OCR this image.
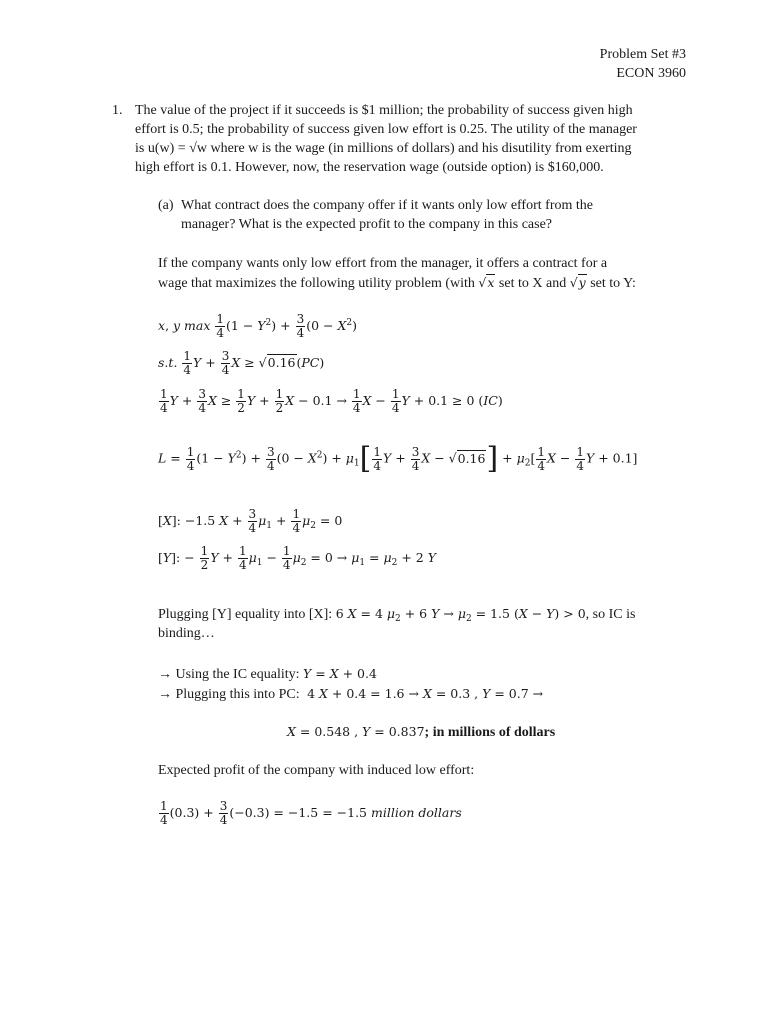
Problem Set #3
ECON 3960
1. The value of the project if it succeeds is $1 million; the probability of success given high
effort is 0.5; the probability of success given low effort is 0.25. The utility of the manager
is u(w) = √w where w is the wage (in millions of dollars) and his disutility from exerting
high effort is 0.1. However, now, the reservation wage (outside option) is $160,000.
(a) What contract does the company offer if it wants only low effort from the
manager? What is the expected profit to the company in this case?
If the company wants only low effort from the manager, it offers a contract for a
wage that maximizes the following utility problem (with √x set to X and √y set to Y:
x, y $\max \frac{1}{4} (1 - Y^2) + \frac{3}{4} (0 - X^2)$
s.t. $\frac{1}{4}$ $Y + \frac{3}{4}$ X ≥ √0.16(PC)
$\frac{1}{4}$ $Y + \frac{3}{4}$ $X \ge \frac{1}{2}$ $Y + \frac{1}{2}$ $X - 0.1 \to \frac{1}{4}$ $X - \frac{1}{4}$ Y + 0.1 ≥ 0 (IC)
$L = \frac{1}{4} (1 - Y^2) + \frac{3}{4} (0 - X^2) + \mu_1[ \frac{1}{4}$ $Y + \frac{3}{4}$ $X - √0.16] + \mu_2[ \frac{1}{4}$ $X - \frac{1}{4}$ Y + 0.1]
[X]: −1.5 $X + \frac{3}{4} \mu_1 + \frac{1}{4} \mu_2 = 0$
[Y]: − $\frac{1}{2}$ $Y + \frac{1}{4} \mu_1 - \frac{1}{4} \mu_2 = 0 \to \mu_1 = \mu_2 + 2$ Y
Plugging [Y] equality into [X]: 6 X = 4 $\mu_2 + 6$ $Y \to \mu_2 = 1.5$ (X − Y) > 0, so IC is
binding…
→ Using the IC equality: Y = X + 0.4
→ Plugging this into PC:  4 X + 0.4 = 1.6 → X = 0.3 , Y = 0.7 →
X = 0.548 , Y = 0.837; in millions of dollars
Expected profit of the company with induced low effort:
$\frac{1}{4} (0.3) + \frac{3}{4} (-0.3) = -1.5 = -1.5$ million dollars
